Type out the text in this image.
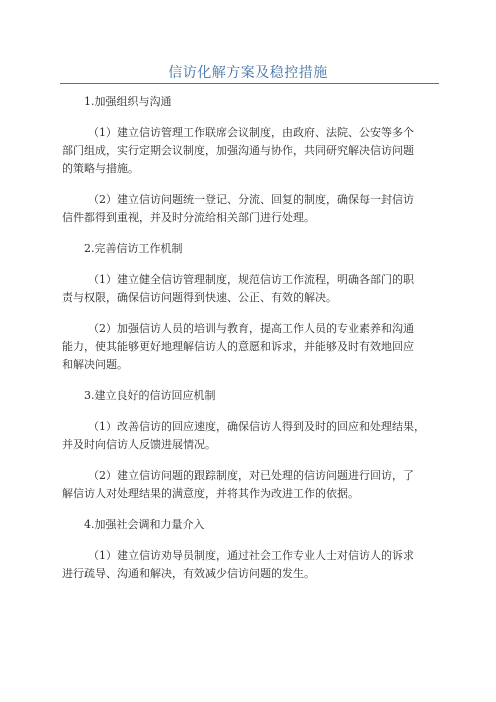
信访化解方案及稳控措施
1.加强组织与沟通
（1）建立信访管理工作联席会议制度，由政府、法院、公安等多个
部门组成，实行定期会议制度，加强沟通与协作，共同研究解决信访问题
的策略与措施。
（2）建立信访问题统一登记、分流、回复的制度，确保每一封信访
信件都得到重视，并及时分流给相关部门进行处理。
2.完善信访工作机制
（1）建立健全信访管理制度，规范信访工作流程，明确各部门的职
责与权限，确保信访问题得到快速、公正、有效的解决。
（2）加强信访人员的培训与教育，提高工作人员的专业素养和沟通
能力，使其能够更好地理解信访人的意愿和诉求，并能够及时有效地回应
和解决问题。
3.建立良好的信访回应机制
（1）改善信访的回应速度，确保信访人得到及时的回应和处理结果，
并及时向信访人反馈进展情况。
（2）建立信访问题的跟踪制度，对已处理的信访问题进行回访，了
解信访人对处理结果的满意度，并将其作为改进工作的依据。
4.加强社会调和力量介入
（1）建立信访劝导员制度，通过社会工作专业人士对信访人的诉求
进行疏导、沟通和解决，有效减少信访问题的发生。
